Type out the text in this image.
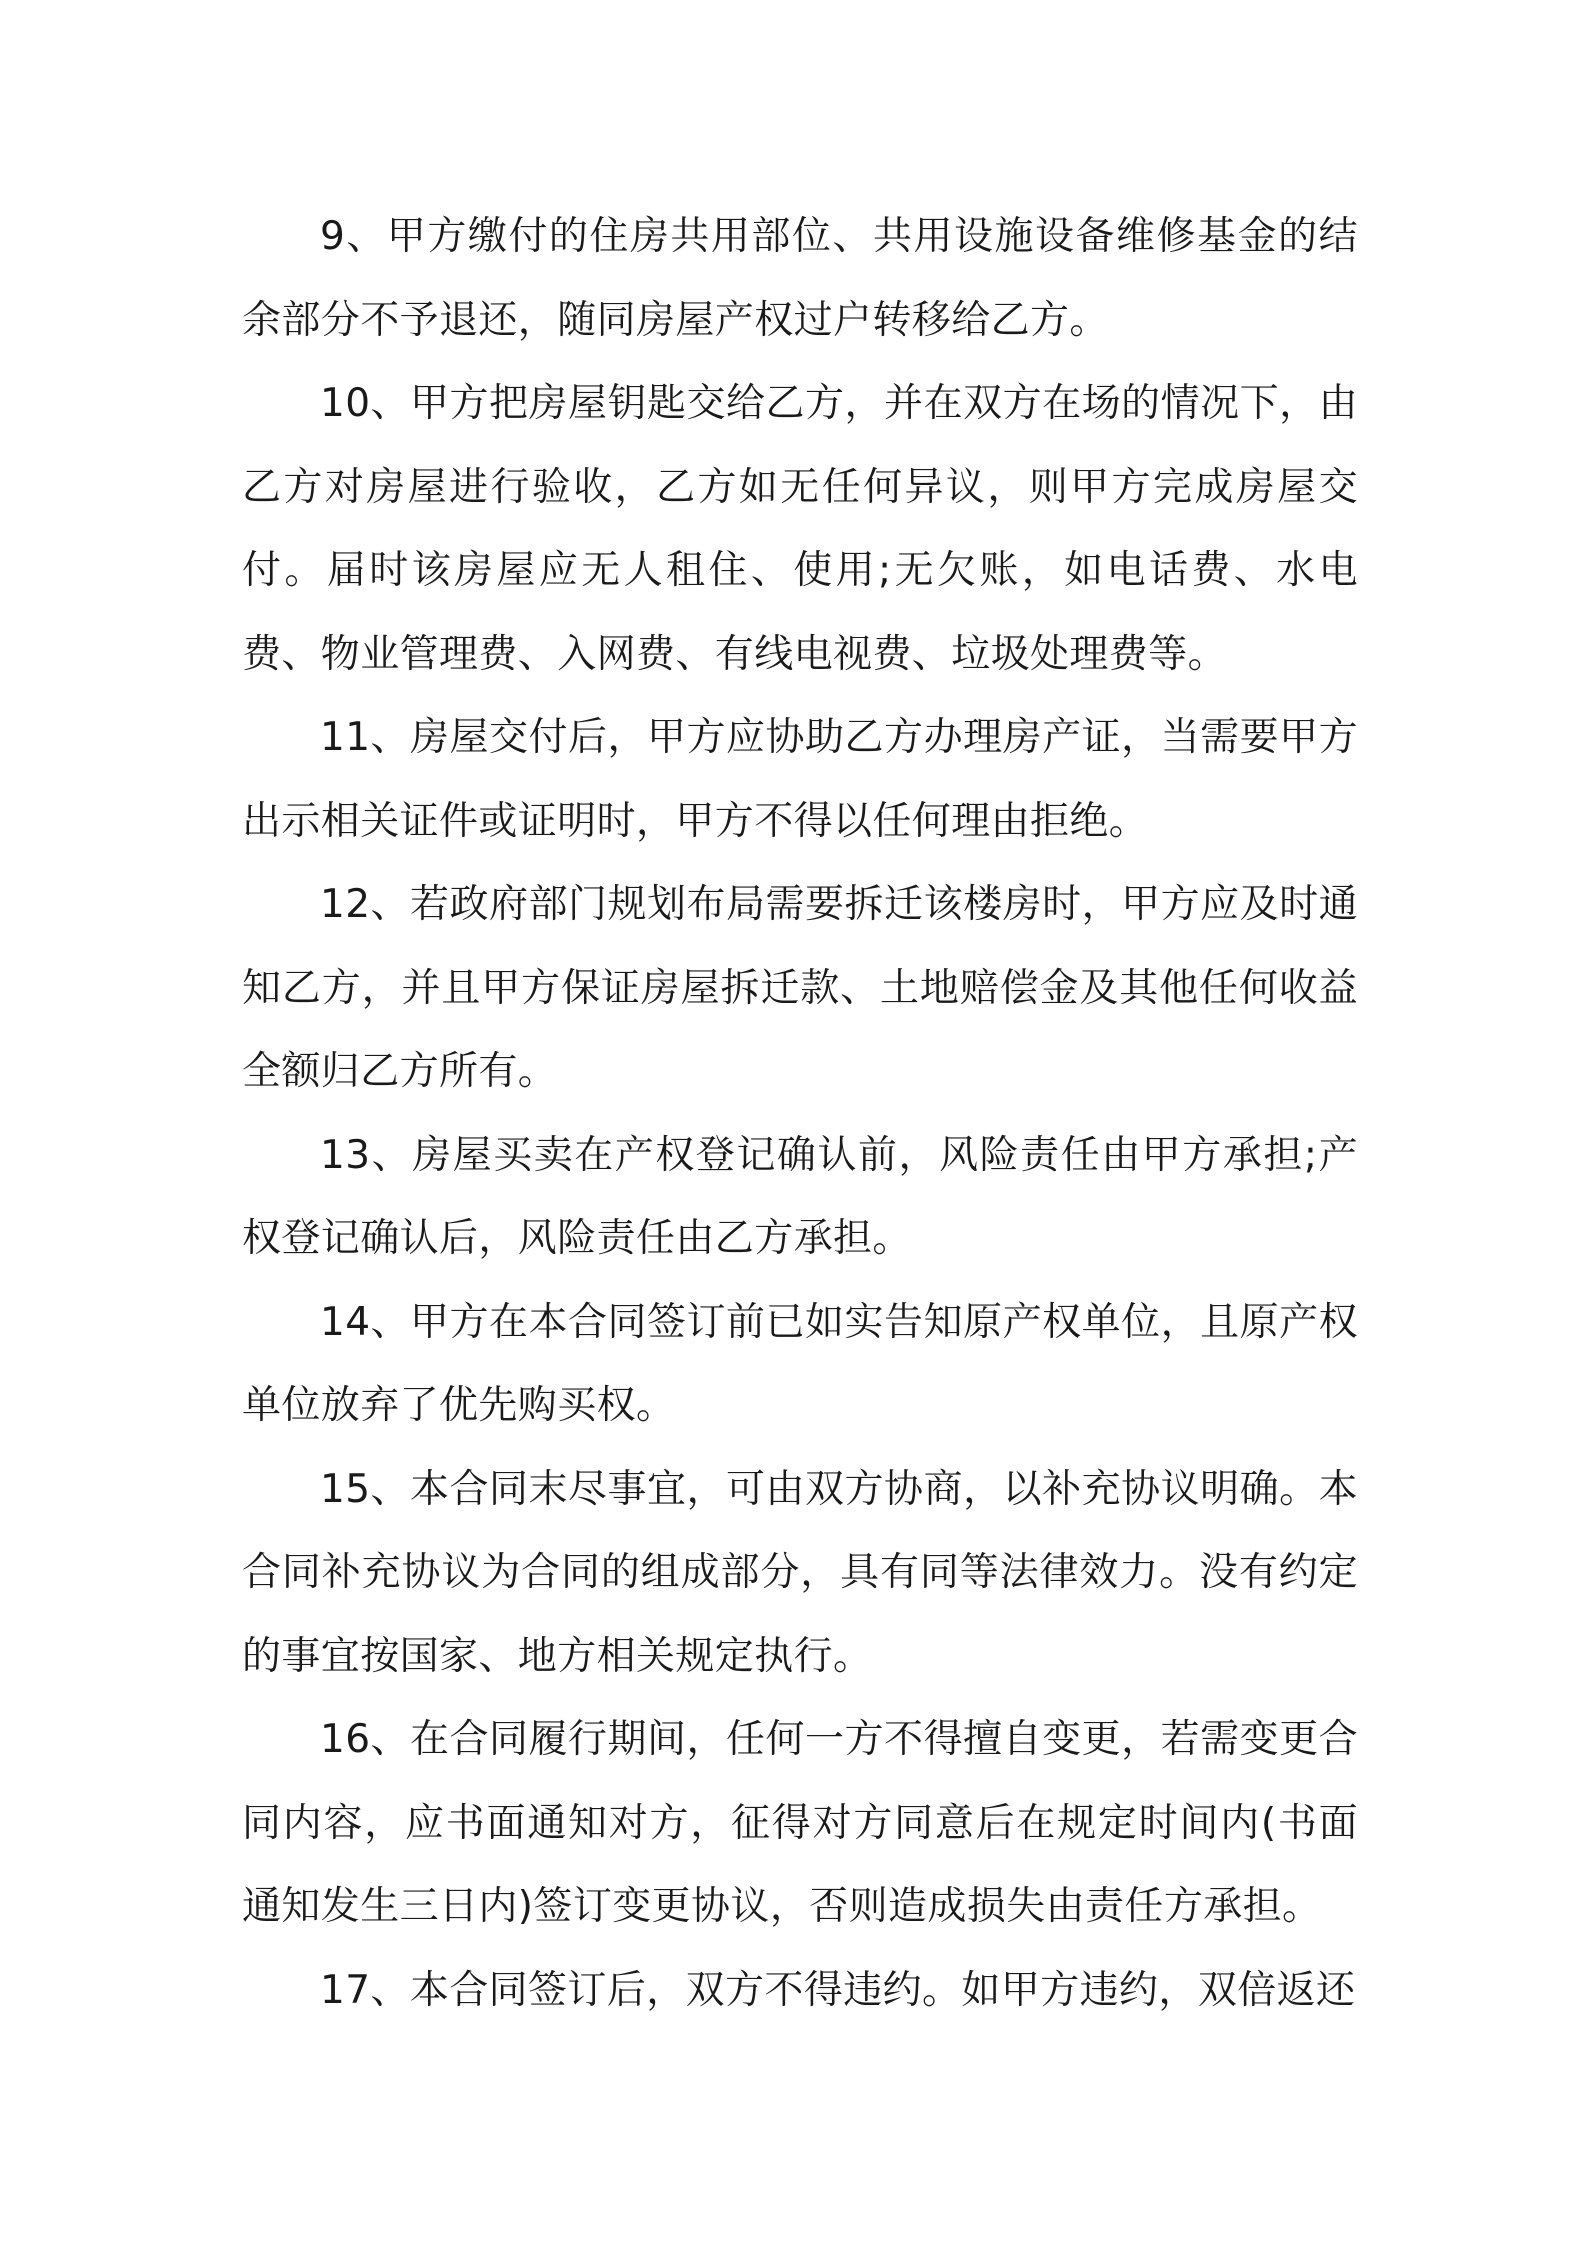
9、甲方缴付的住房共用部位、共用设施设备维修基金的结余部分不予退还，随同房屋产权过户转移给乙方。

10、甲方把房屋钥匙交给乙方，并在双方在场的情况下，由乙方对房屋进行验收，乙方如无任何异议，则甲方完成房屋交付。届时该房屋应无人租住、使用;无欠账，如电话费、水电费、物业管理费、入网费、有线电视费、垃圾处理费等。

11、房屋交付后，甲方应协助乙方办理房产证，当需要甲方出示相关证件或证明时，甲方不得以任何理由拒绝。

12、若政府部门规划布局需要拆迁该楼房时，甲方应及时通知乙方，并且甲方保证房屋拆迁款、土地赔偿金及其他任何收益全额归乙方所有。

13、房屋买卖在产权登记确认前，风险责任由甲方承担;产权登记确认后，风险责任由乙方承担。

14、甲方在本合同签订前已如实告知原产权单位，且原产权单位放弃了优先购买权。

15、本合同末尽事宜，可由双方协商，以补充协议明确。本合同补充协议为合同的组成部分，具有同等法律效力。没有约定的事宜按国家、地方相关规定执行。

16、在合同履行期间，任何一方不得擅自变更，若需变更合同内容，应书面通知对方，征得对方同意后在规定时间内(书面通知发生三日内)签订变更协议，否则造成损失由责任方承担。

17、本合同签订后，双方不得违约。如甲方违约，双倍返还
